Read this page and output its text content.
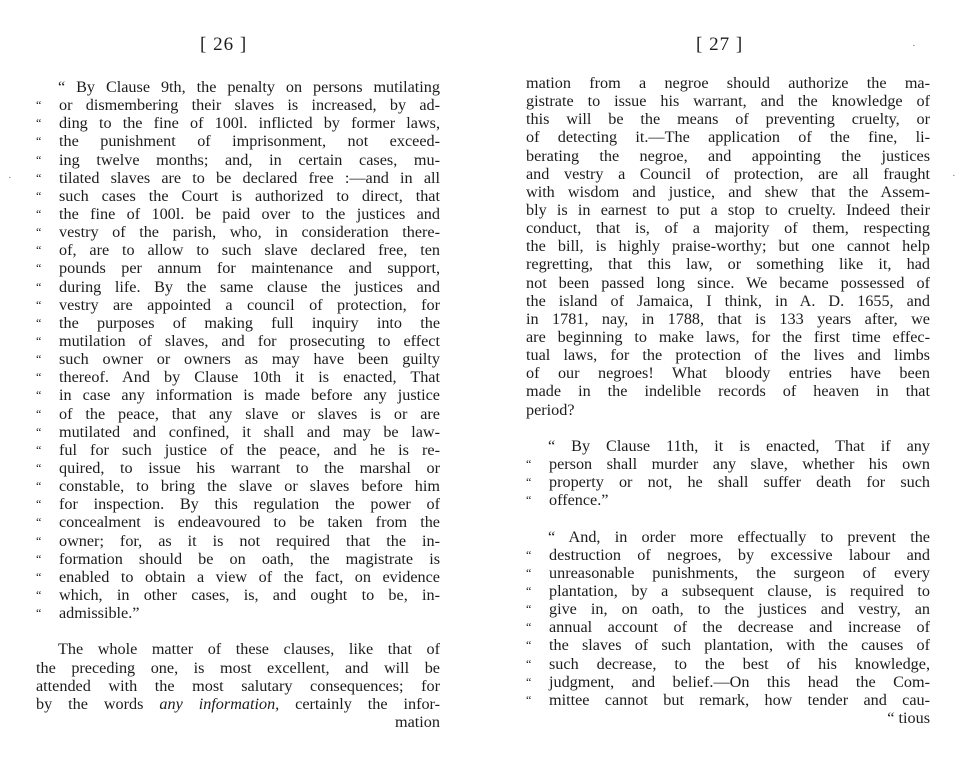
[ 26 ]
“ By Clause 9th, the penalty on persons mutilating
“ or dismembering their slaves is increased, by ad-
“ ding to the fine of 100l. inflicted by former laws,
“ the punishment of imprisonment, not exceed-
“ ing twelve months; and, in certain cases, mu-
“ tilated slaves are to be declared free :—and in all
“ such cases the Court is authorized to direct, that
“ the fine of 100l. be paid over to the justices and
“ vestry of the parish, who, in consideration there-
“ of, are to allow to such slave declared free, ten
“ pounds per annum for maintenance and support,
“ during life. By the same clause the justices and
“ vestry are appointed a council of protection, for
“ the purposes of making full inquiry into the
“ mutilation of slaves, and for prosecuting to effect
“ such owner or owners as may have been guilty
“ thereof. And by Clause 10th it is enacted, That
“ in case any information is made before any justice
“ of the peace, that any slave or slaves is or are
“ mutilated and confined, it shall and may be law-
“ ful for such justice of the peace, and he is re-
“ quired, to issue his warrant to the marshal or
“ constable, to bring the slave or slaves before him
“ for inspection. By this regulation the power of
“ concealment is endeavoured to be taken from the
“ owner; for, as it is not required that the in-
“ formation should be on oath, the magistrate is
“ enabled to obtain a view of the fact, on evidence
“ which, in other cases, is, and ought to be, in-
“ admissible.”
The whole matter of these clauses, like that of
the preceding one, is most excellent, and will be
attended with the most salutary consequences; for
by the words any information, certainly the infor-
mation
[ 27 ]
mation from a negroe should authorize the ma-
gistrate to issue his warrant, and the knowledge of
this will be the means of preventing cruelty, or
of detecting it.—The application of the fine, li-
berating the negroe, and appointing the justices
and vestry a Council of protection, are all fraught
with wisdom and justice, and shew that the Assem-
bly is in earnest to put a stop to cruelty. Indeed their
conduct, that is, of a majority of them, respecting
the bill, is highly praise-worthy; but one cannot help
regretting, that this law, or something like it, had
not been passed long since. We became possessed of
the island of Jamaica, I think, in A. D. 1655, and
in 1781, nay, in 1788, that is 133 years after, we
are beginning to make laws, for the first time effec-
tual laws, for the protection of the lives and limbs
of our negroes! What bloody entries have been
made in the indelible records of heaven in that
period?
“ By Clause 11th, it is enacted, That if any
“ person shall murder any slave, whether his own
“ property or not, he shall suffer death for such
“ offence.”
“ And, in order more effectually to prevent the
“ destruction of negroes, by excessive labour and
“ unreasonable punishments, the surgeon of every
“ plantation, by a subsequent clause, is required to
“ give in, on oath, to the justices and vestry, an
“ annual account of the decrease and increase of
“ the slaves of such plantation, with the causes of
“ such decrease, to the best of his knowledge,
“ judgment, and belief.—On this head the Com-
“ mittee cannot but remark, how tender and cau-
“ tious
·	·
·
